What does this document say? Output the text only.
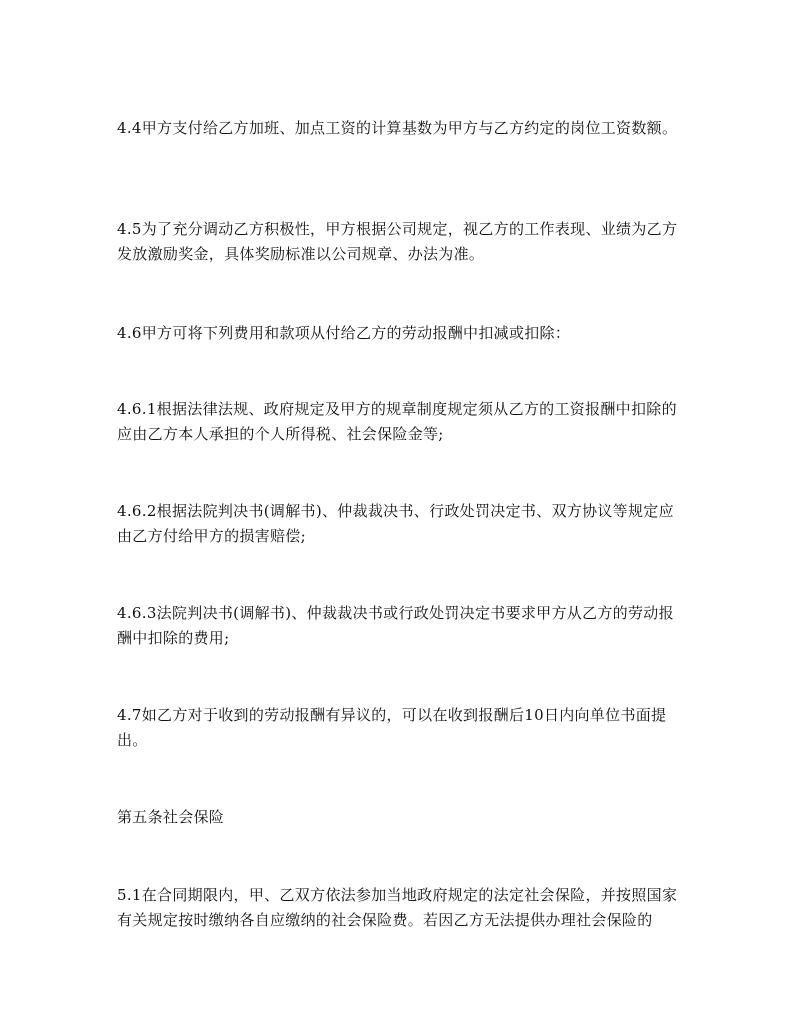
4.4甲方支付给乙方加班、加点工资的计算基数为甲方与乙方约定的岗位工资数额。

4.5为了充分调动乙方积极性，甲方根据公司规定，视乙方的工作表现、业绩为乙方发放激励奖金，具体奖励标准以公司规章、办法为准。

4.6甲方可将下列费用和款项从付给乙方的劳动报酬中扣减或扣除：

4.6.1根据法律法规、政府规定及甲方的规章制度规定须从乙方的工资报酬中扣除的应由乙方本人承担的个人所得税、社会保险金等;

4.6.2根据法院判决书(调解书)、仲裁裁决书、行政处罚决定书、双方协议等规定应由乙方付给甲方的损害赔偿;

4.6.3法院判决书(调解书)、仲裁裁决书或行政处罚决定书要求甲方从乙方的劳动报酬中扣除的费用;

4.7如乙方对于收到的劳动报酬有异议的，可以在收到报酬后10日内向单位书面提出。

第五条社会保险

5.1在合同期限内，甲、乙双方依法参加当地政府规定的法定社会保险，并按照国家有关规定按时缴纳各自应缴纳的社会保险费。若因乙方无法提供办理社会保险的
